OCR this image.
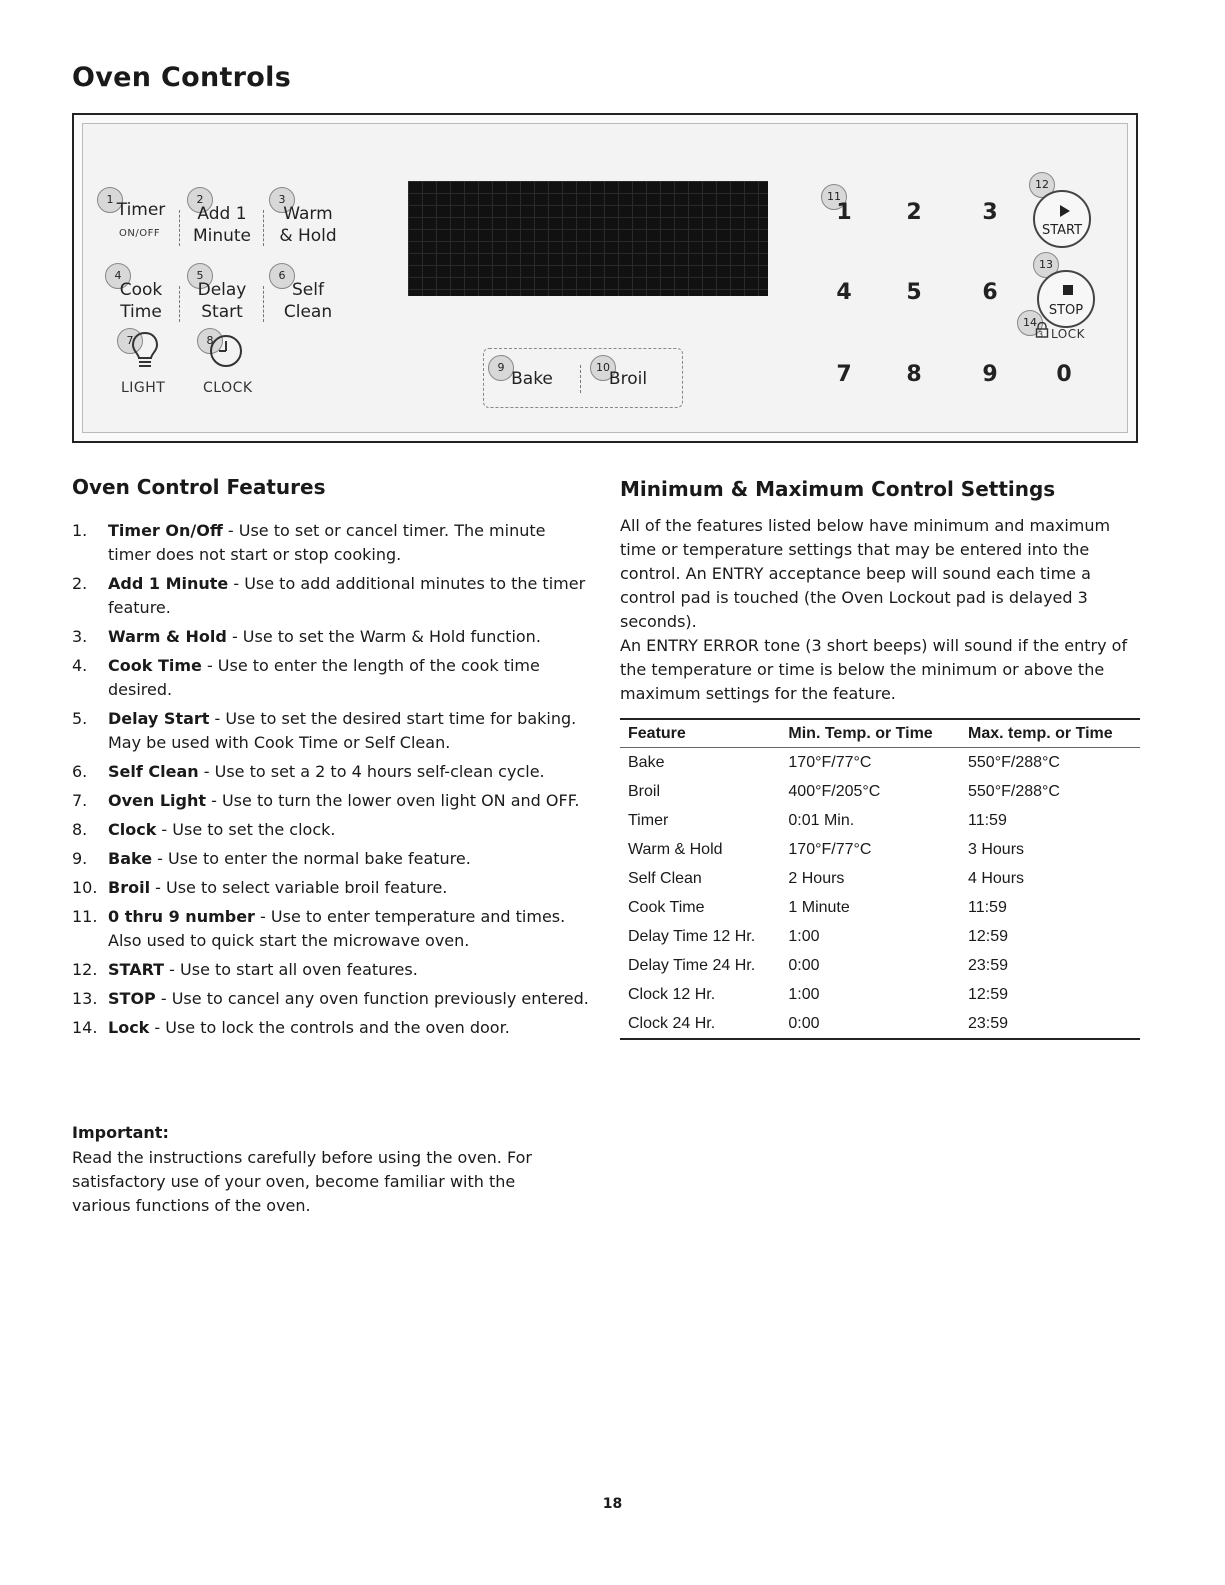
Oven Controls
1
Timer
ON/OFF
2
Add 1
Minute
3
Warm
& Hold
4
Cook
Time
5
Delay
Start
6
Self
Clean
7
LIGHT
8
CLOCK
9
Bake
10
Broil
11
1	2	3
4	5	6
7	8	9	0
12
START
13
STOP
14
3 LOCK
Oven Control Features
1. Timer On/Off - Use to set or cancel timer. The minute timer does not start or stop cooking.
2. Add 1 Minute - Use to add additional minutes to the timer feature.
3. Warm & Hold - Use to set the Warm & Hold function.
4. Cook Time - Use to enter the length of the cook time desired.
5. Delay Start - Use to set the desired start time for baking. May be used with Cook Time or Self Clean.
6. Self Clean - Use to set a 2 to 4 hours self-clean cycle.
7. Oven Light - Use to turn the lower oven light ON and OFF.
8. Clock - Use to set the clock.
9. Bake - Use to enter the normal bake feature.
10. Broil - Use to select variable broil feature.
11. 0 thru 9 number - Use to enter temperature and times. Also used to quick start the microwave oven.
12. START - Use to start all oven features.
13. STOP - Use to cancel any oven function previously entered.
14. Lock - Use to lock the controls and the oven door.
Important:
Read the instructions carefully before using the oven. For satisfactory use of your oven, become familiar with the various functions of the oven.
Minimum & Maximum Control Settings
All of the features listed below have minimum and maximum time or temperature settings that may be entered into the control. An ENTRY acceptance beep will sound each time a control pad is touched (the Oven Lockout pad is delayed 3 seconds).
An ENTRY ERROR tone (3 short beeps) will sound if the entry of the temperature or time is below the minimum or above the maximum settings for the feature.
Feature	Min. Temp. or Time	Max. temp. or Time
Bake	170°F/77°C	550°F/288°C
Broil	400°F/205°C	550°F/288°C
Timer	0:01 Min.	11:59
Warm & Hold	170°F/77°C	3 Hours
Self Clean	2 Hours	4 Hours
Cook Time	1 Minute	11:59
Delay Time 12 Hr.	1:00	12:59
Delay Time 24 Hr.	0:00	23:59
Clock 12 Hr.	1:00	12:59
Clock 24 Hr.	0:00	23:59
18
